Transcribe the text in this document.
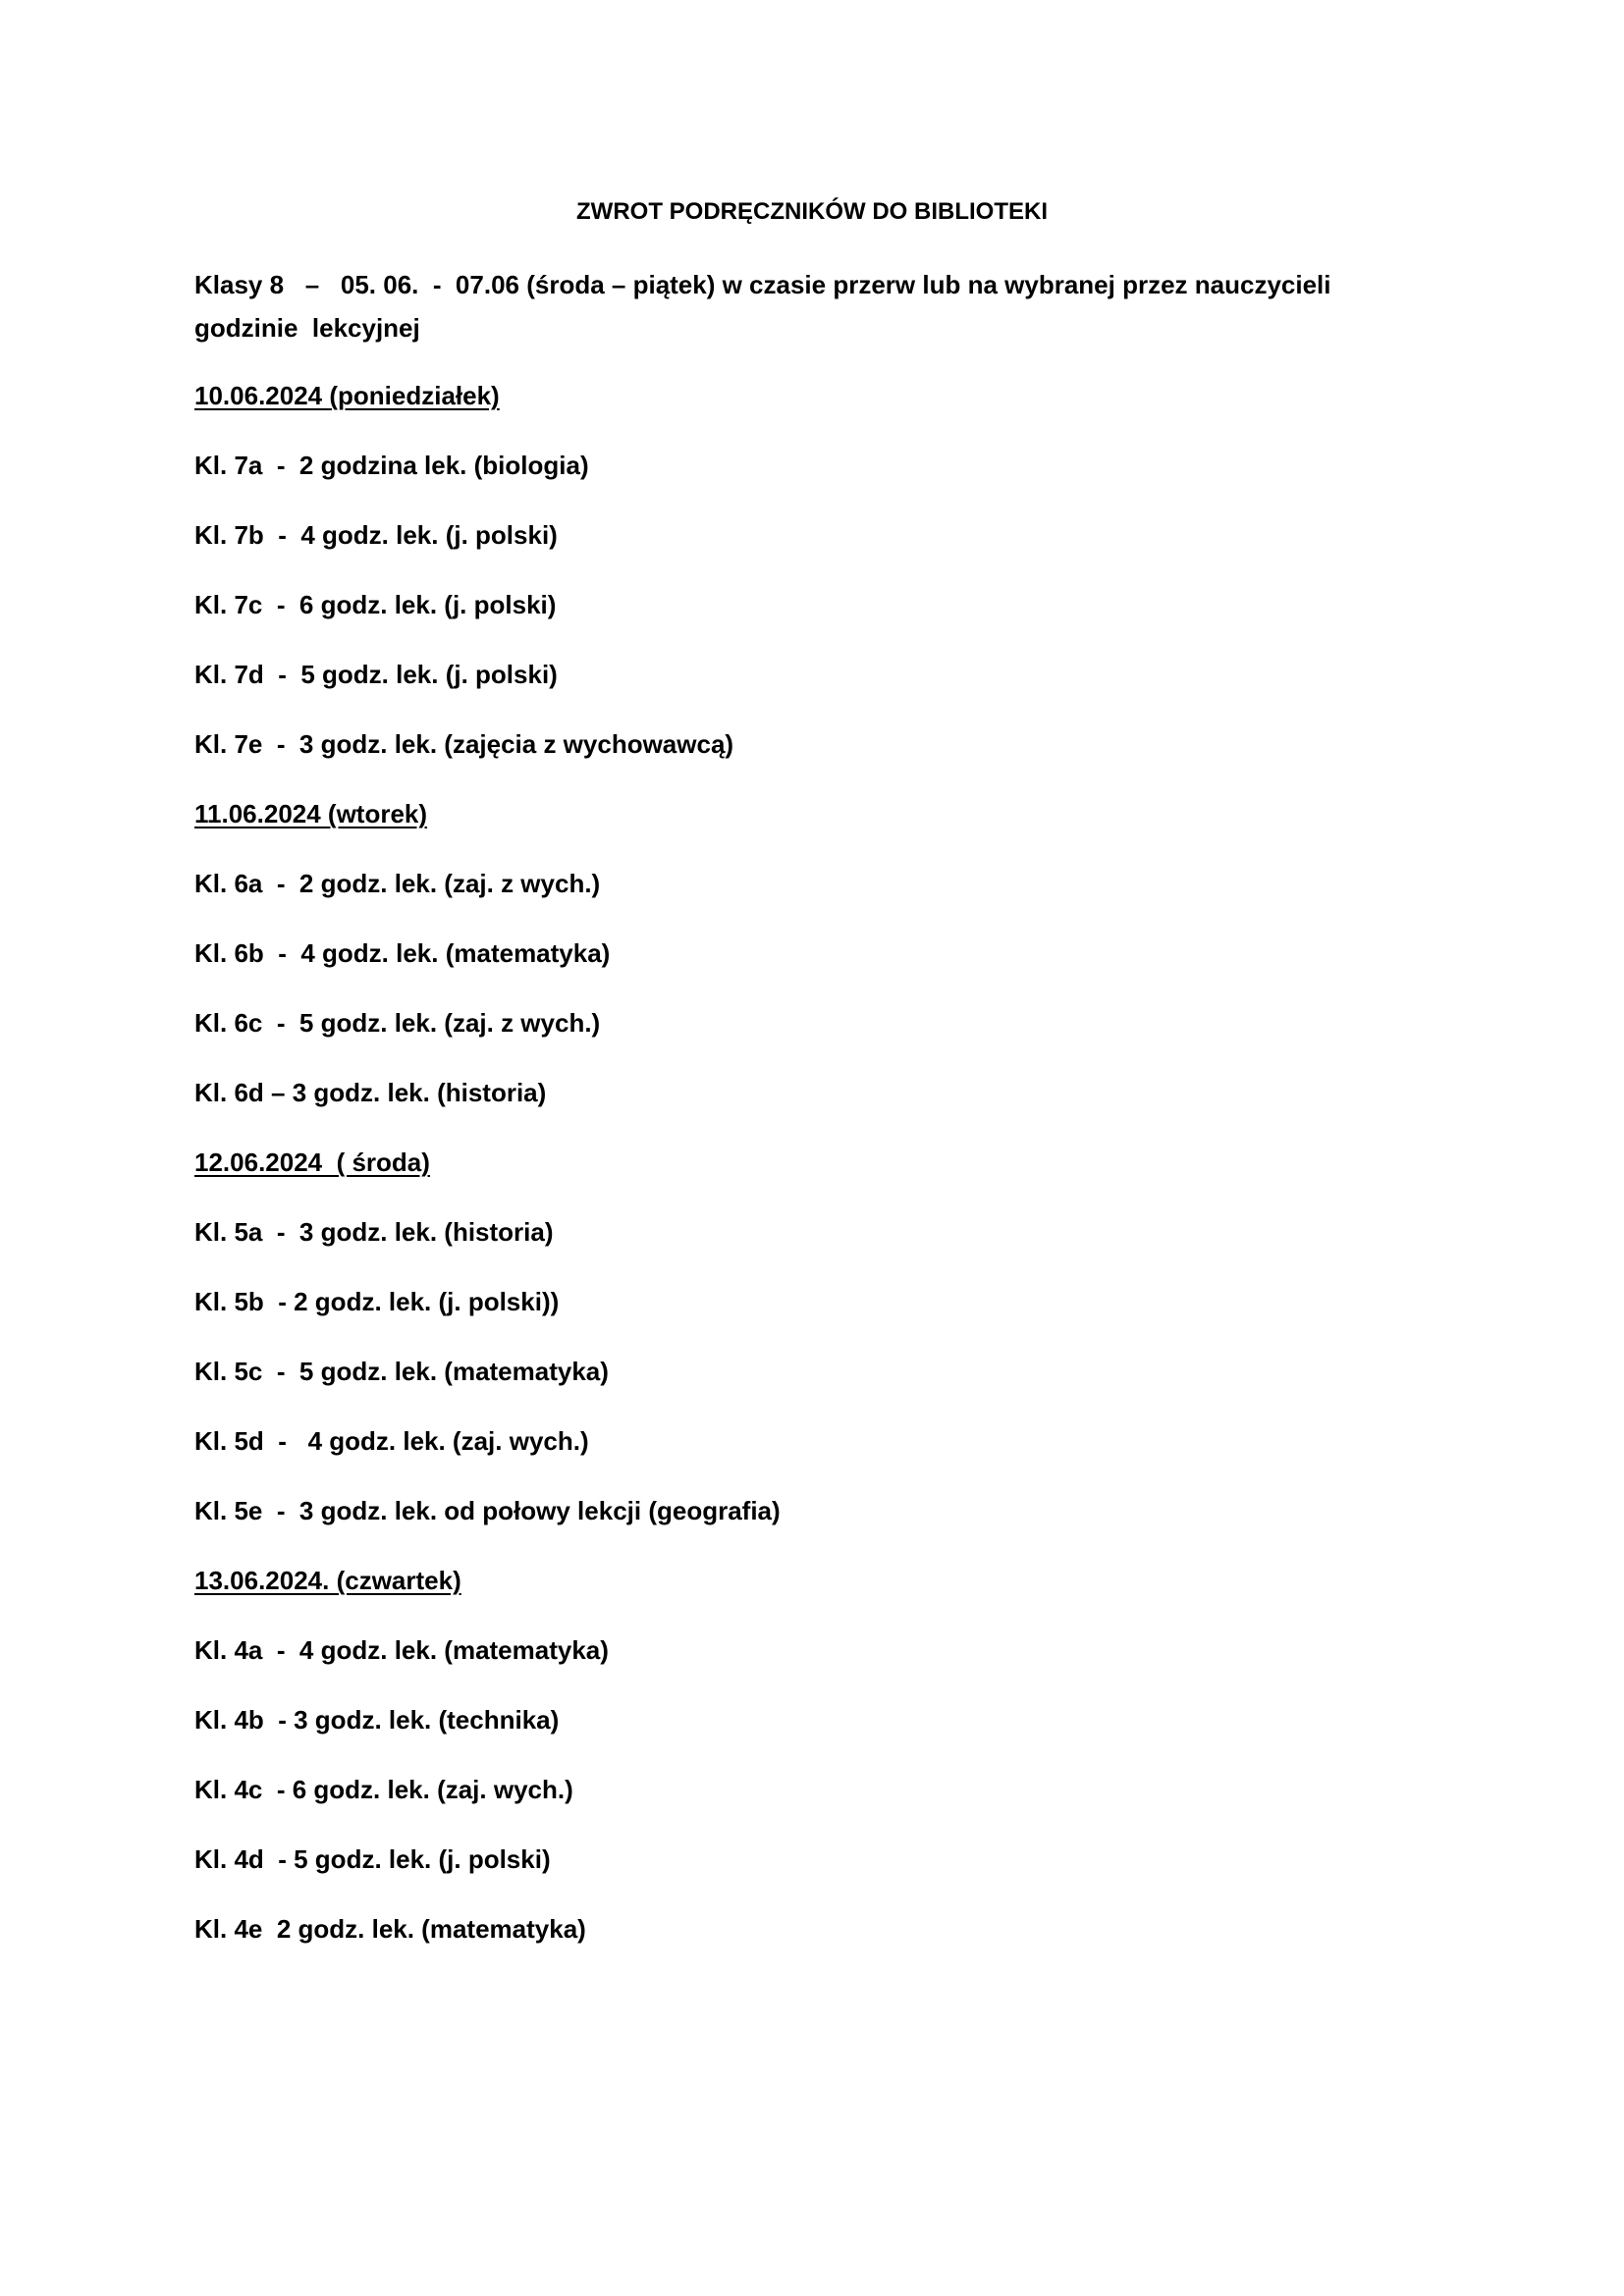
ZWROT PODRĘCZNIKÓW DO BIBLIOTEKI
Klasy 8   –   05. 06.  -  07.06 (środa – piątek) w czasie przerw lub na wybranej przez nauczycieli
godzinie  lekcyjnej
10.06.2024 (poniedziałek)
Kl. 7a  -  2 godzina lek. (biologia)
Kl. 7b  -  4 godz. lek. (j. polski)
Kl. 7c  -  6 godz. lek. (j. polski)
Kl. 7d  -  5 godz. lek. (j. polski)
Kl. 7e  -  3 godz. lek. (zajęcia z wychowawcą)
11.06.2024 (wtorek)
Kl. 6a  -  2 godz. lek. (zaj. z wych.)
Kl. 6b  -  4 godz. lek. (matematyka)
Kl. 6c  -  5 godz. lek. (zaj. z wych.)
Kl. 6d – 3 godz. lek. (historia)
12.06.2024  ( środa)
Kl. 5a  -  3 godz. lek. (historia)
Kl. 5b  - 2 godz. lek. (j. polski))
Kl. 5c  -  5 godz. lek. (matematyka)
Kl. 5d  -   4 godz. lek. (zaj. wych.)
Kl. 5e  -  3 godz. lek. od połowy lekcji (geografia)
13.06.2024. (czwartek)
Kl. 4a  -  4 godz. lek. (matematyka)
Kl. 4b  - 3 godz. lek. (technika)
Kl. 4c  - 6 godz. lek. (zaj. wych.)
Kl. 4d  - 5 godz. lek. (j. polski)
Kl. 4e  2 godz. lek. (matematyka)
